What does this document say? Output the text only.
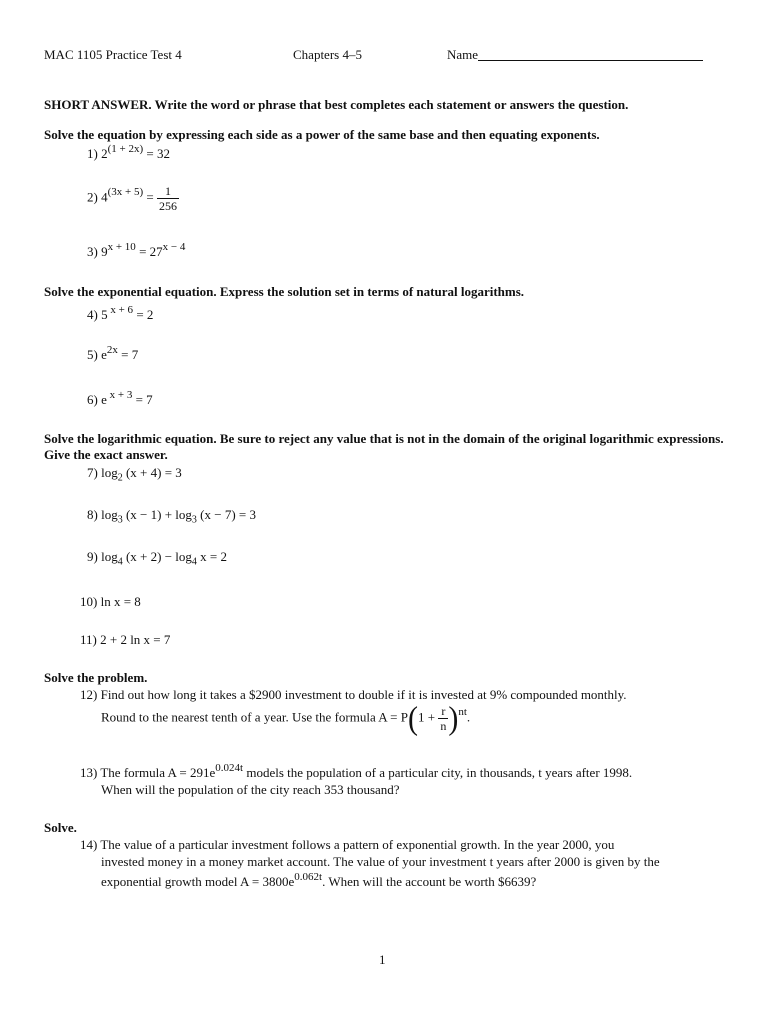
MAC 1105 Practice Test 4	Chapters 4–5	Name
SHORT ANSWER. Write the word or phrase that best completes each statement or answers the question.
Solve the equation by expressing each side as a power of the same base and then equating exponents.
1) $2^{(1 + 2x)} = 32$
2) $4^{(3x + 5)} = \frac{1}{256}$
3) $9^{x + 10} = 27^{x - 4}$
Solve the exponential equation. Express the solution set in terms of natural logarithms.
4) 5 $^{x + 6}$ = 2
5) $e^{2x} = 7$
6) e $^{x + 3}$ = 7
Solve the logarithmic equation. Be sure to reject any value that is not in the domain of the original logarithmic expressions. Give the exact answer.
7) $\log_2 (x + 4) = 3$
8) $\log_3 (x - 1) + \log_3 (x - 7) = 3$
9) $\log_4 (x + 2) - \log_4 x = 2$
10) ln x = 8
11) 2 + 2 ln x = 7
Solve the problem.
12) Find out how long it takes a $2900 investment to double if it is invested at 9% compounded monthly.
Round to the nearest tenth of a year. Use the formula $A = P(1 + \frac{r}{n} )^{nt}$.
13) The formula $A = 291e^{0.024t}$ models the population of a particular city, in thousands, t years after 1998.
When will the population of the city reach 353 thousand?
Solve.
14) The value of a particular investment follows a pattern of exponential growth. In the year 2000, you
invested money in a money market account. The value of your investment t years after 2000 is given by the
exponential growth model $A = 3800e^{0.062t}$. When will the account be worth $6639?
1
